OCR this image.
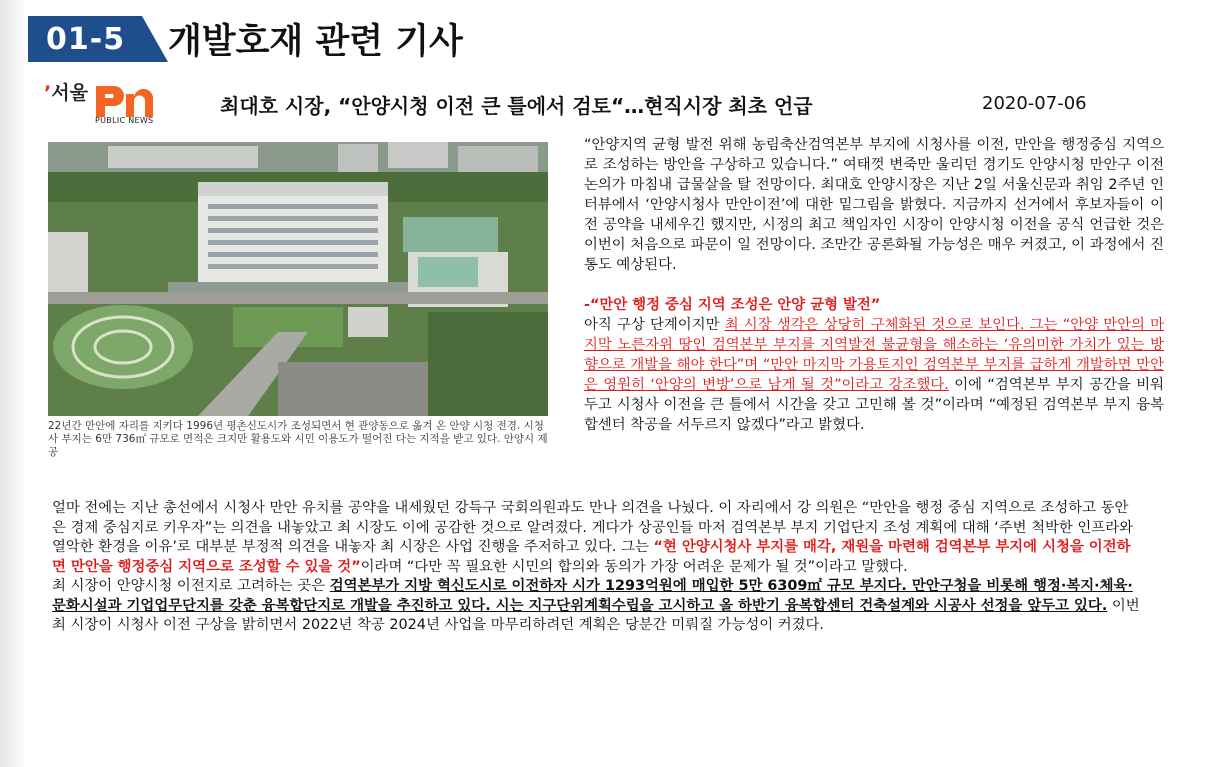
01-5 개발호재 관련 기사
’서울
PUBLIC NEWS
최대호 시장, “안양시청 이전 큰 틀에서 검토“…현직시장 최초 언급	2020-07-06
22년간 만안에 자리를 지키다 1996년 평촌신도시가 조성되면서 현 관양동으로 옮겨 온 안양 시청 전경. 시청사 부지는 6만 736㎡ 규모로 면적은 크지만 활용도와 시민 이용도가 떨어진 다는 지적을 받고 있다. 안양시 제공

“안양지역 균형 발전 위해 농림축산검역본부 부지에 시청사를 이전, 만안을 행정중심 지역으로 조성하는 방안을 구상하고 있습니다.” 여태껏 변죽만 울리던 경기도 안양시청 만안구 이전 논의가 마침내 급물살을 탈 전망이다. 최대호 안양시장은 지난 2일 서울신문과 취임 2주년 인터뷰에서 ‘안양시청사 만안이전’에 대한 밑그림을 밝혔다. 지금까지 선거에서 후보자들이 이전 공약을 내세우긴 했지만, 시정의 최고 책임자인 시장이 안양시청 이전을 공식 언급한 것은 이번이 처음으로 파문이 일 전망이다. 조만간 공론화될 가능성은 매우 커졌고, 이 과정에서 진통도 예상된다.

-“만안 행정 중심 지역 조성은 안양 균형 발전”

아직 구상 단계이지만 최 시장 생각은 상당히 구체화된 것으로 보인다. 그는 “안양 만안의 마지막 노른자위 땅인 검역본부 부지를 지역발전 불균형을 해소하는 ‘유의미한 가치가 있는 방향으로 개발을 해야 한다”며 “만안 마지막 가용토지인 검역본부 부지를 급하게 개발하면 만안은 영원히 ‘안양의 변방’으로 남게 될 것”이라고 강조했다. 이에 “검역본부 부지 공간을 비워두고 시청사 이전을 큰 틀에서 시간을 갖고 고민해 볼 것”이라며 “예정된 검역본부 부지 융복합센터 착공을 서두르지 않겠다”라고 밝혔다.

얼마 전에는 지난 총선에서 시청사 만안 유치를 공약을 내세웠던 강득구 국회의원과도 만나 의견을 나눴다. 이 자리에서 강 의원은 “만안을 행정 중심 지역으로 조성하고 동안은 경제 중심지로 키우자”는 의견을 내놓았고 최 시장도 이에 공감한 것으로 알려졌다. 게다가 상공인들 마저 검역본부 부지 기업단지 조성 계획에 대해 ‘주변 척박한 인프라와 열악한 환경을 이유’로 대부분 부정적 의견을 내놓자 최 시장은 사업 진행을 주저하고 있다. 그는 “현 안양시청사 부지를 매각, 재원을 마련해 검역본부 부지에 시청을 이전하면 만안을 행정중심 지역으로 조성할 수 있을 것”이라며 “다만 꼭 필요한 시민의 합의와 동의가 가장 어려운 문제가 될 것”이라고 말했다.

최 시장이 안양시청 이전지로 고려하는 곳은 검역본부가 지방 혁신도시로 이전하자 시가 1293억원에 매입한 5만 6309㎡ 규모 부지다. 만안구청을 비롯해 행정·복지·체육·문화시설과 기업업무단지를 갖춘 융복합단지로 개발을 추진하고 있다. 시는 지구단위계획수립을 고시하고 올 하반기 융복합센터 건축설계와 시공사 선정을 앞두고 있다. 이번 최 시장이 시청사 이전 구상을 밝히면서 2022년 착공 2024년 사업을 마무리하려던 계획은 당분간 미뤄질 가능성이 커졌다.
